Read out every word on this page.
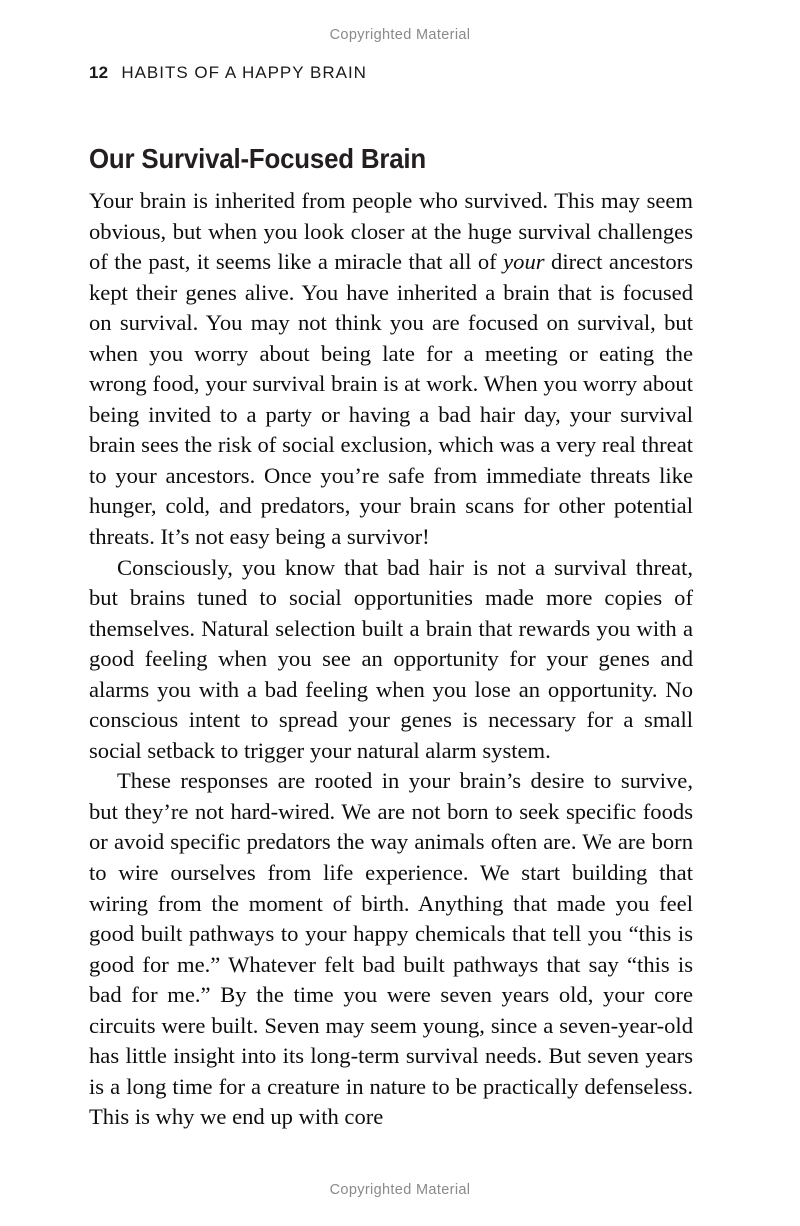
Copyrighted Material
12 HABITS OF A HAPPY BRAIN
Our Survival-Focused Brain

Your brain is inherited from people who survived. This may seem obvious, but when you look closer at the huge survival challenges of the past, it seems like a miracle that all of your direct ancestors kept their genes alive. You have inherited a brain that is focused on survival. You may not think you are focused on survival, but when you worry about being late for a meeting or eating the wrong food, your survival brain is at work. When you worry about being invited to a party or having a bad hair day, your survival brain sees the risk of social exclusion, which was a very real threat to your ancestors. Once you’re safe from immediate threats like hunger, cold, and predators, your brain scans for other potential threats. It’s not easy being a survivor!

Consciously, you know that bad hair is not a survival threat, but brains tuned to social opportunities made more copies of themselves. Natural selection built a brain that rewards you with a good feeling when you see an opportunity for your genes and alarms you with a bad feeling when you lose an opportunity. No conscious intent to spread your genes is necessary for a small social setback to trigger your natural alarm system.

These responses are rooted in your brain’s desire to survive, but they’re not hard-wired. We are not born to seek specific foods or avoid specific predators the way animals often are. We are born to wire ourselves from life experience. We start building that wiring from the moment of birth. Anything that made you feel good built pathways to your happy chemicals that tell you “this is good for me.” Whatever felt bad built pathways that say “this is bad for me.” By the time you were seven years old, your core circuits were built. Seven may seem young, since a seven-year-old has little insight into its long-term survival needs. But seven years is a long time for a creature in nature to be practically defenseless. This is why we end up with core

Copyrighted Material
